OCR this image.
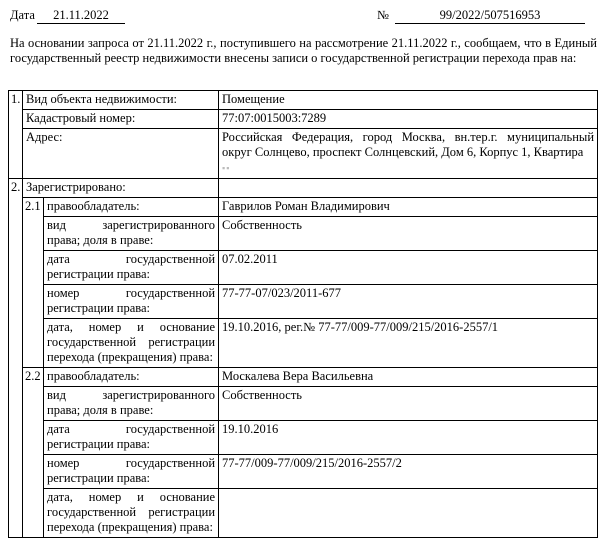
Дата	21.11.2022	№	99/2022/507516953
На основании запроса от 21.11.2022 г., поступившего на рассмотрение 21.11.2022 г., сообщаем, что в Единый государственный реестр недвижимости внесены записи о государственной регистрации перехода прав на:
1.	Вид объекта недвижимости:		Помещение
	Кадастровый номер:		77:07:0015003:7289
	Адрес:		Российская Федерация, город Москва, вн.тер.г. муниципальный округ Солнцево, проспект Солнцевский, Дом 6, Корпус 1, Квартира
▪▪
2.	Зарегистрировано:		
	2.1	правообладатель:	Гаврилов Роман Владимирович
		вид зарегистрированного права; доля в праве:	Собственность
		дата государственной регистрации права:	07.02.2011
		номер государственной регистрации права:	77-77-07/023/2011-677
		дата, номер и основание государственной регистрации перехода (прекращения) права:	19.10.2016, рег.№ 77-77/009-77/009/215/2016-2557/1
	2.2	правообладатель:	Москалева Вера Васильевна
		вид зарегистрированного права; доля в праве:	Собственность
		дата государственной регистрации права:	19.10.2016
		номер государственной регистрации права:	77-77/009-77/009/215/2016-2557/2
		дата, номер и основание государственной регистрации перехода (прекращения) права:	
